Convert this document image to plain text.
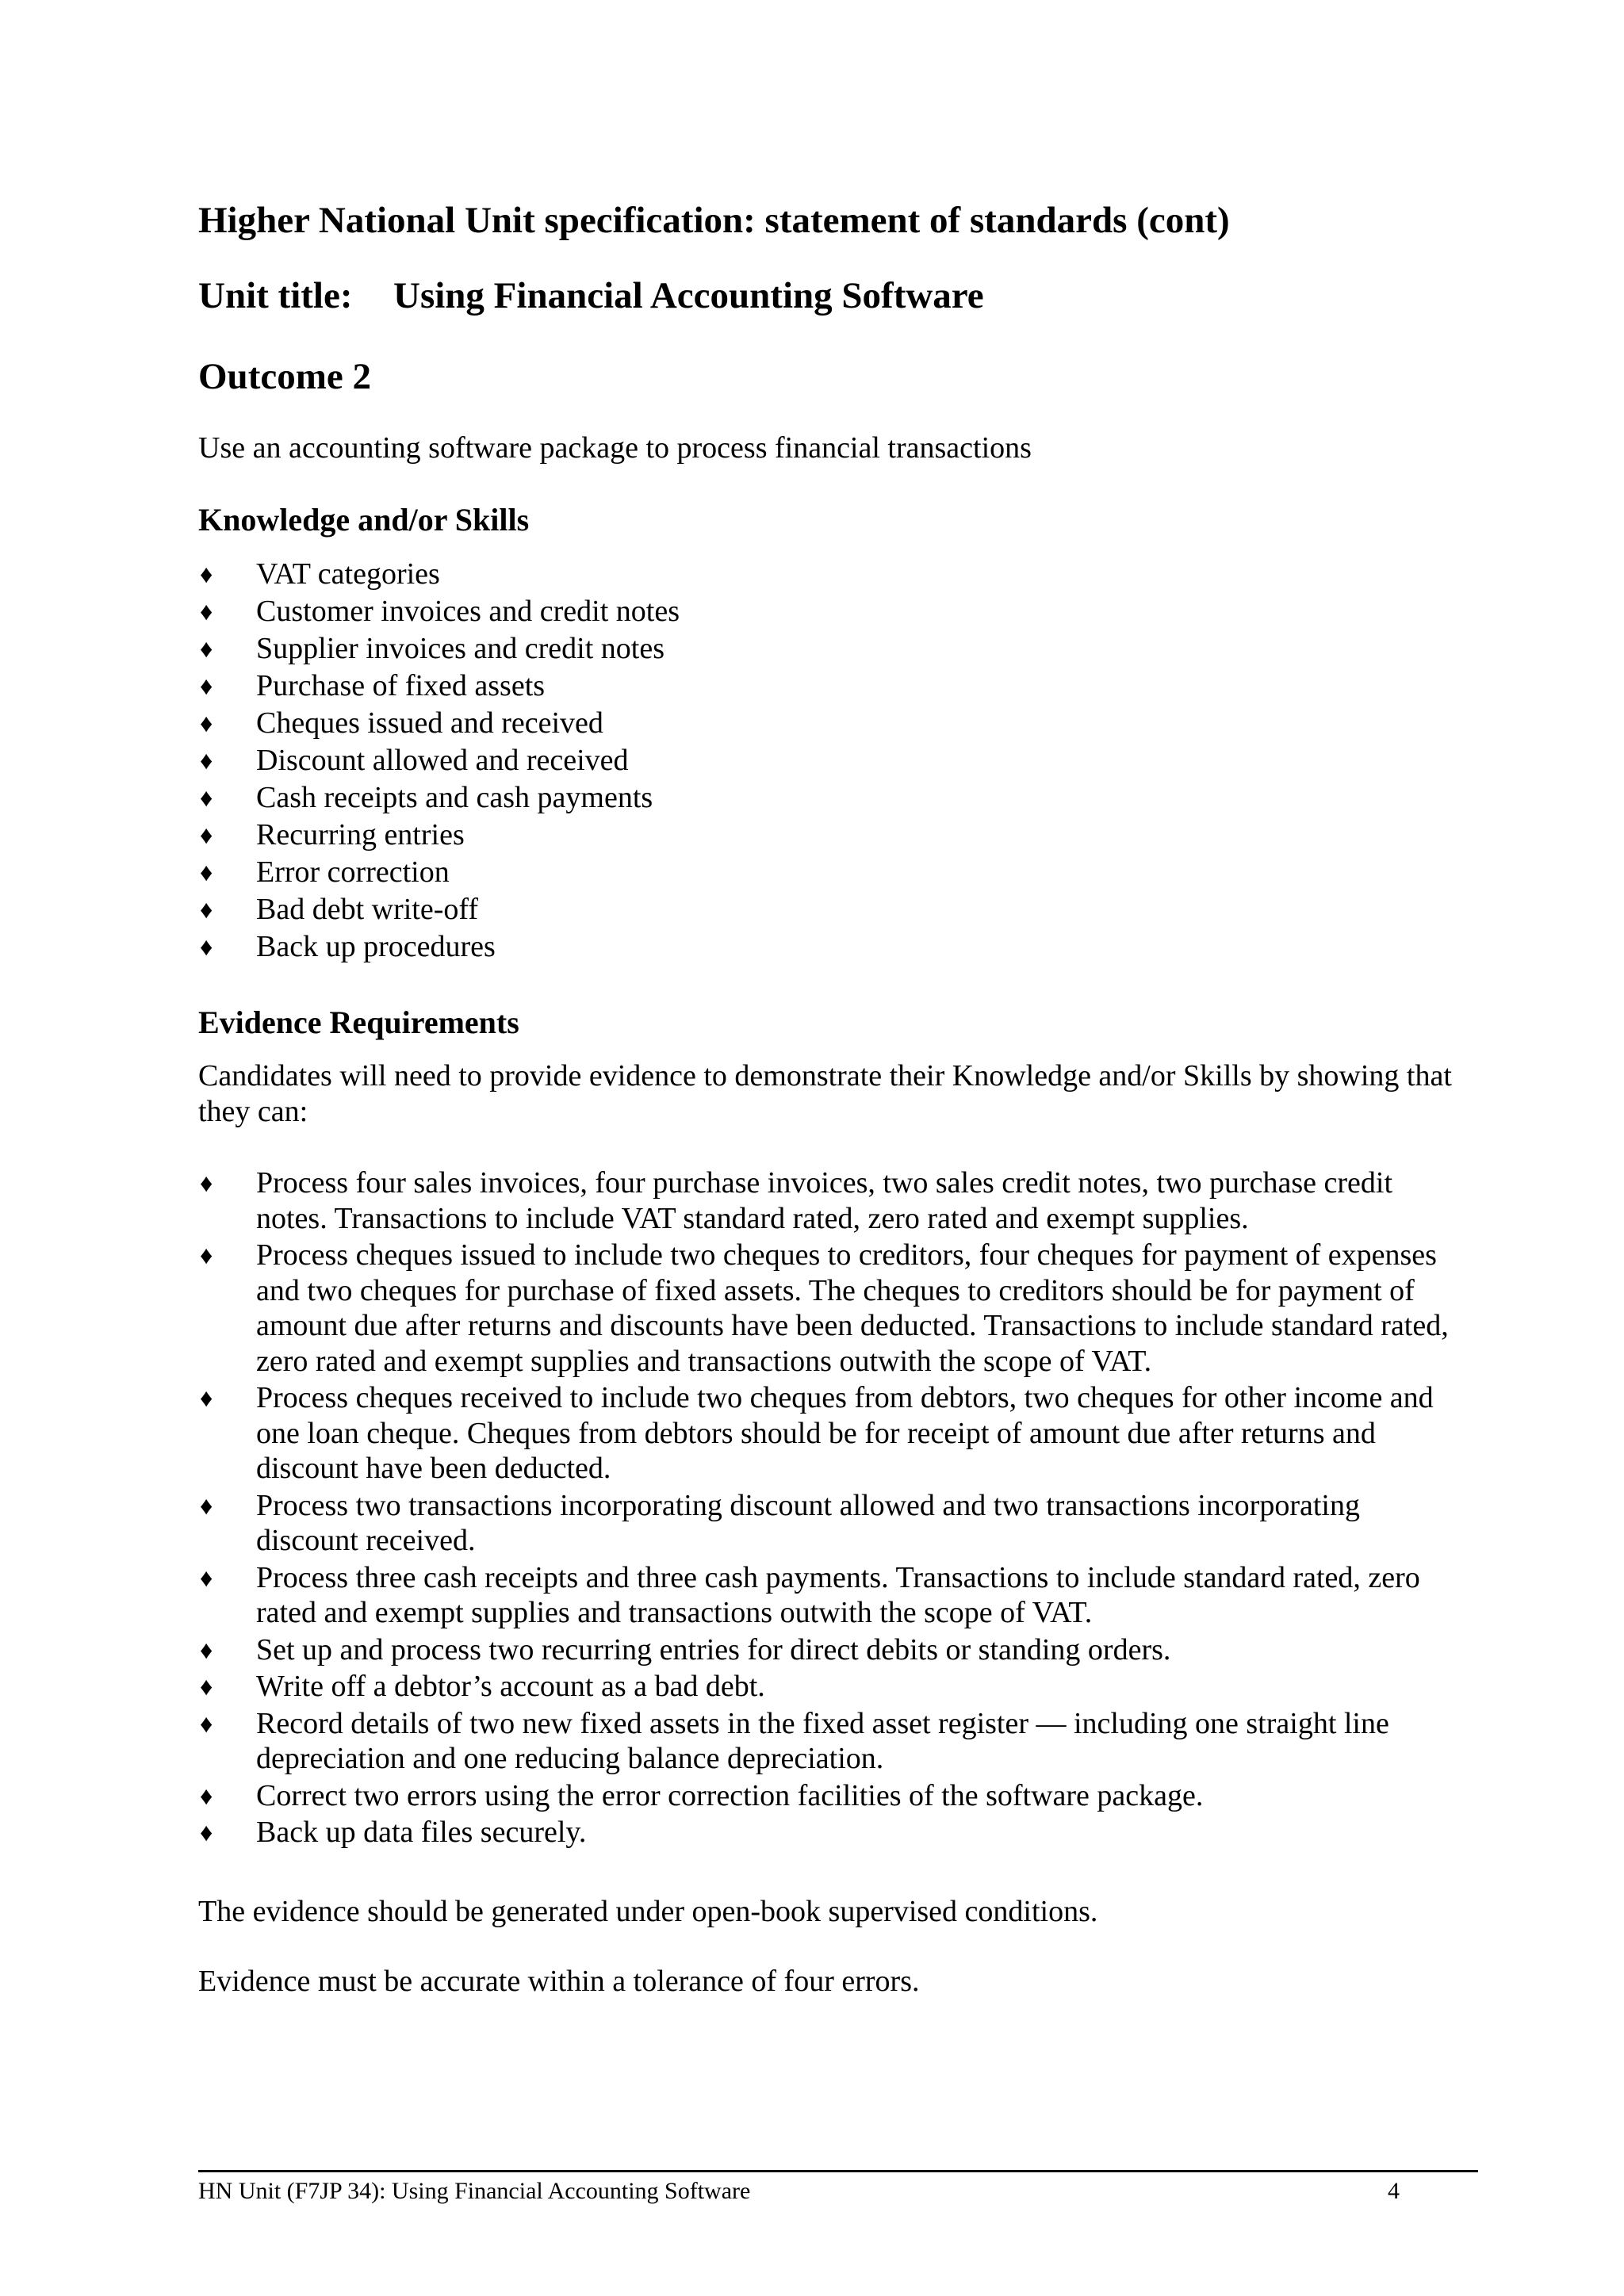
Higher National Unit specification: statement of standards (cont)
Unit title: Using Financial Accounting Software
Outcome 2

Use an accounting software package to process financial transactions

Knowledge and/or Skills
♦ VAT categories
♦ Customer invoices and credit notes
♦ Supplier invoices and credit notes
♦ Purchase of fixed assets
♦ Cheques issued and received
♦ Discount allowed and received
♦ Cash receipts and cash payments
♦ Recurring entries
♦ Error correction
♦ Bad debt write-off
♦ Back up procedures
Evidence Requirements

Candidates will need to provide evidence to demonstrate their Knowledge and/or Skills by showing that they can:

♦ Process four sales invoices, four purchase invoices, two sales credit notes, two purchase credit notes. Transactions to include VAT standard rated, zero rated and exempt supplies.
♦ Process cheques issued to include two cheques to creditors, four cheques for payment of expenses and two cheques for purchase of fixed assets. The cheques to creditors should be for payment of amount due after returns and discounts have been deducted. Transactions to include standard rated, zero rated and exempt supplies and transactions outwith the scope of VAT.
♦ Process cheques received to include two cheques from debtors, two cheques for other income and one loan cheque. Cheques from debtors should be for receipt of amount due after returns and discount have been deducted.
♦ Process two transactions incorporating discount allowed and two transactions incorporating discount received.
♦ Process three cash receipts and three cash payments. Transactions to include standard rated, zero rated and exempt supplies and transactions outwith the scope of VAT.
♦ Set up and process two recurring entries for direct debits or standing orders.
♦ Write off a debtor’s account as a bad debt.
♦ Record details of two new fixed assets in the fixed asset register — including one straight line depreciation and one reducing balance depreciation.
♦ Correct two errors using the error correction facilities of the software package.
♦ Back up data files securely.

The evidence should be generated under open-book supervised conditions.

Evidence must be accurate within a tolerance of four errors.

HN Unit (F7JP 34): Using Financial Accounting Software	4
